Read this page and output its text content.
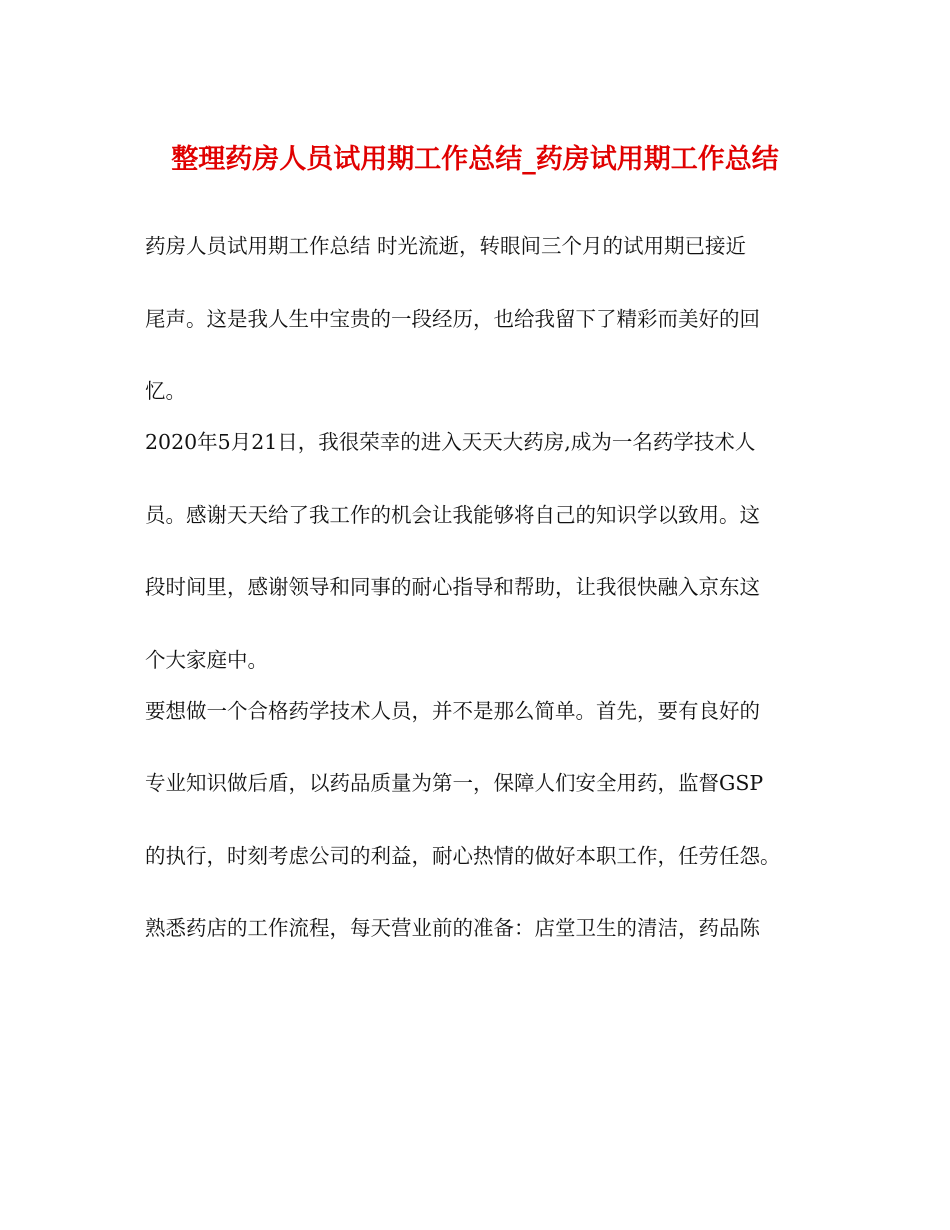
整理药房人员试用期工作总结_药房试用期工作总结
药房人员试用期工作总结 时光流逝，转眼间三个月的试用期已接近
尾声。这是我人生中宝贵的一段经历，也给我留下了精彩而美好的回
忆。
2020年5月21日，我很荣幸的进入天天大药房,成为一名药学技术人
员。感谢天天给了我工作的机会让我能够将自己的知识学以致用。这
段时间里，感谢领导和同事的耐心指导和帮助，让我很快融入京东这
个大家庭中。
要想做一个合格药学技术人员，并不是那么简单。首先，要有良好的
专业知识做后盾，以药品质量为第一，保障人们安全用药，监督GSP
的执行，时刻考虑公司的利益，耐心热情的做好本职工作，任劳任怨。
熟悉药店的工作流程，每天营业前的准备：店堂卫生的清洁，药品陈
